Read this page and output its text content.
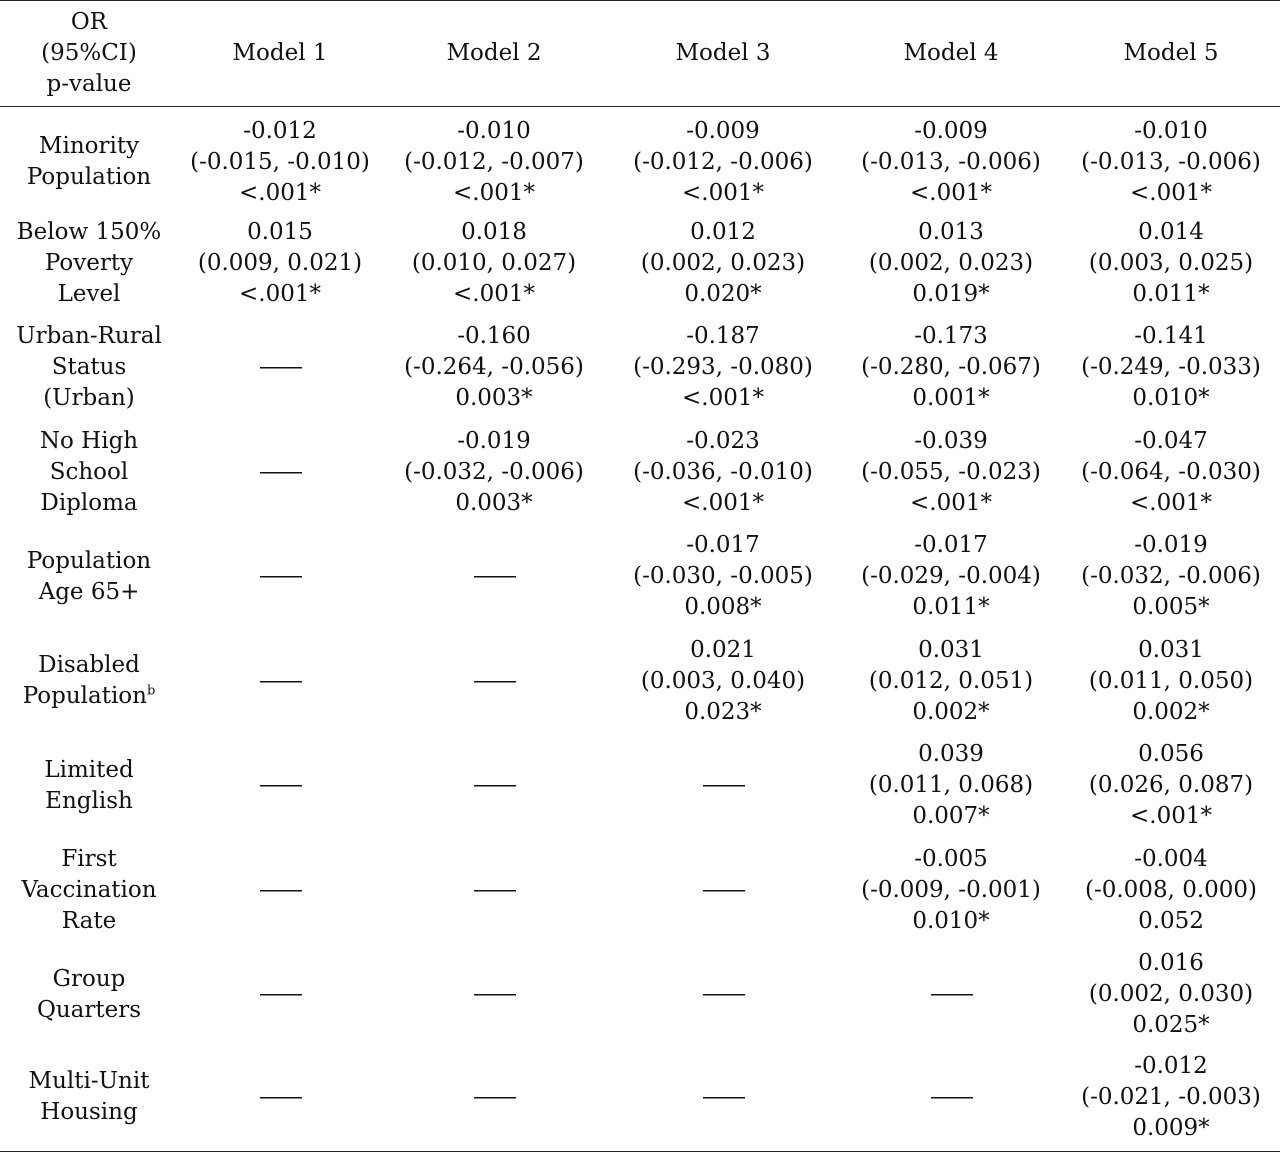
OR
(95%CI)
p-value	Model 1	Model 2	Model 3	Model 4	Model 5

Minority
Population	-0.012
(-0.015, -0.010)
<.001*	-0.010
(-0.012, -0.007)
<.001*	-0.009
(-0.012, -0.006)
<.001*	-0.009
(-0.013, -0.006)
<.001*	-0.010
(-0.013, -0.006)
<.001*

Below 150%
Poverty
Level	0.015
(0.009, 0.021)
<.001*	0.018
(0.010, 0.027)
<.001*	0.012
(0.002, 0.023)
0.020*	0.013
(0.002, 0.023)
0.019*	0.014
(0.003, 0.025)
0.011*

Urban-Rural
Status
(Urban)	——	-0.160
(-0.264, -0.056)
0.003*	-0.187
(-0.293, -0.080)
<.001*	-0.173
(-0.280, -0.067)
0.001*	-0.141
(-0.249, -0.033)
0.010*

No High
School
Diploma	——	-0.019
(-0.032, -0.006)
0.003*	-0.023
(-0.036, -0.010)
<.001*	-0.039
(-0.055, -0.023)
<.001*	-0.047
(-0.064, -0.030)
<.001*

Population
Age 65+	——	——	-0.017
(-0.030, -0.005)
0.008*	-0.017
(-0.029, -0.004)
0.011*	-0.019
(-0.032, -0.006)
0.005*

Disabled
Population$^b$	——	——	0.021
(0.003, 0.040)
0.023*	0.031
(0.012, 0.051)
0.002*	0.031
(0.011, 0.050)
0.002*

Limited
English	——	——	——	0.039
(0.011, 0.068)
0.007*	0.056
(0.026, 0.087)
<.001*

First
Vaccination
Rate	——	——	——	-0.005
(-0.009, -0.001)
0.010*	-0.004
(-0.008, 0.000)
0.052

Group
Quarters	——	——	——	——	0.016
(0.002, 0.030)
0.025*

Multi-Unit
Housing	——	——	——	——	-0.012
(-0.021, -0.003)
0.009*
